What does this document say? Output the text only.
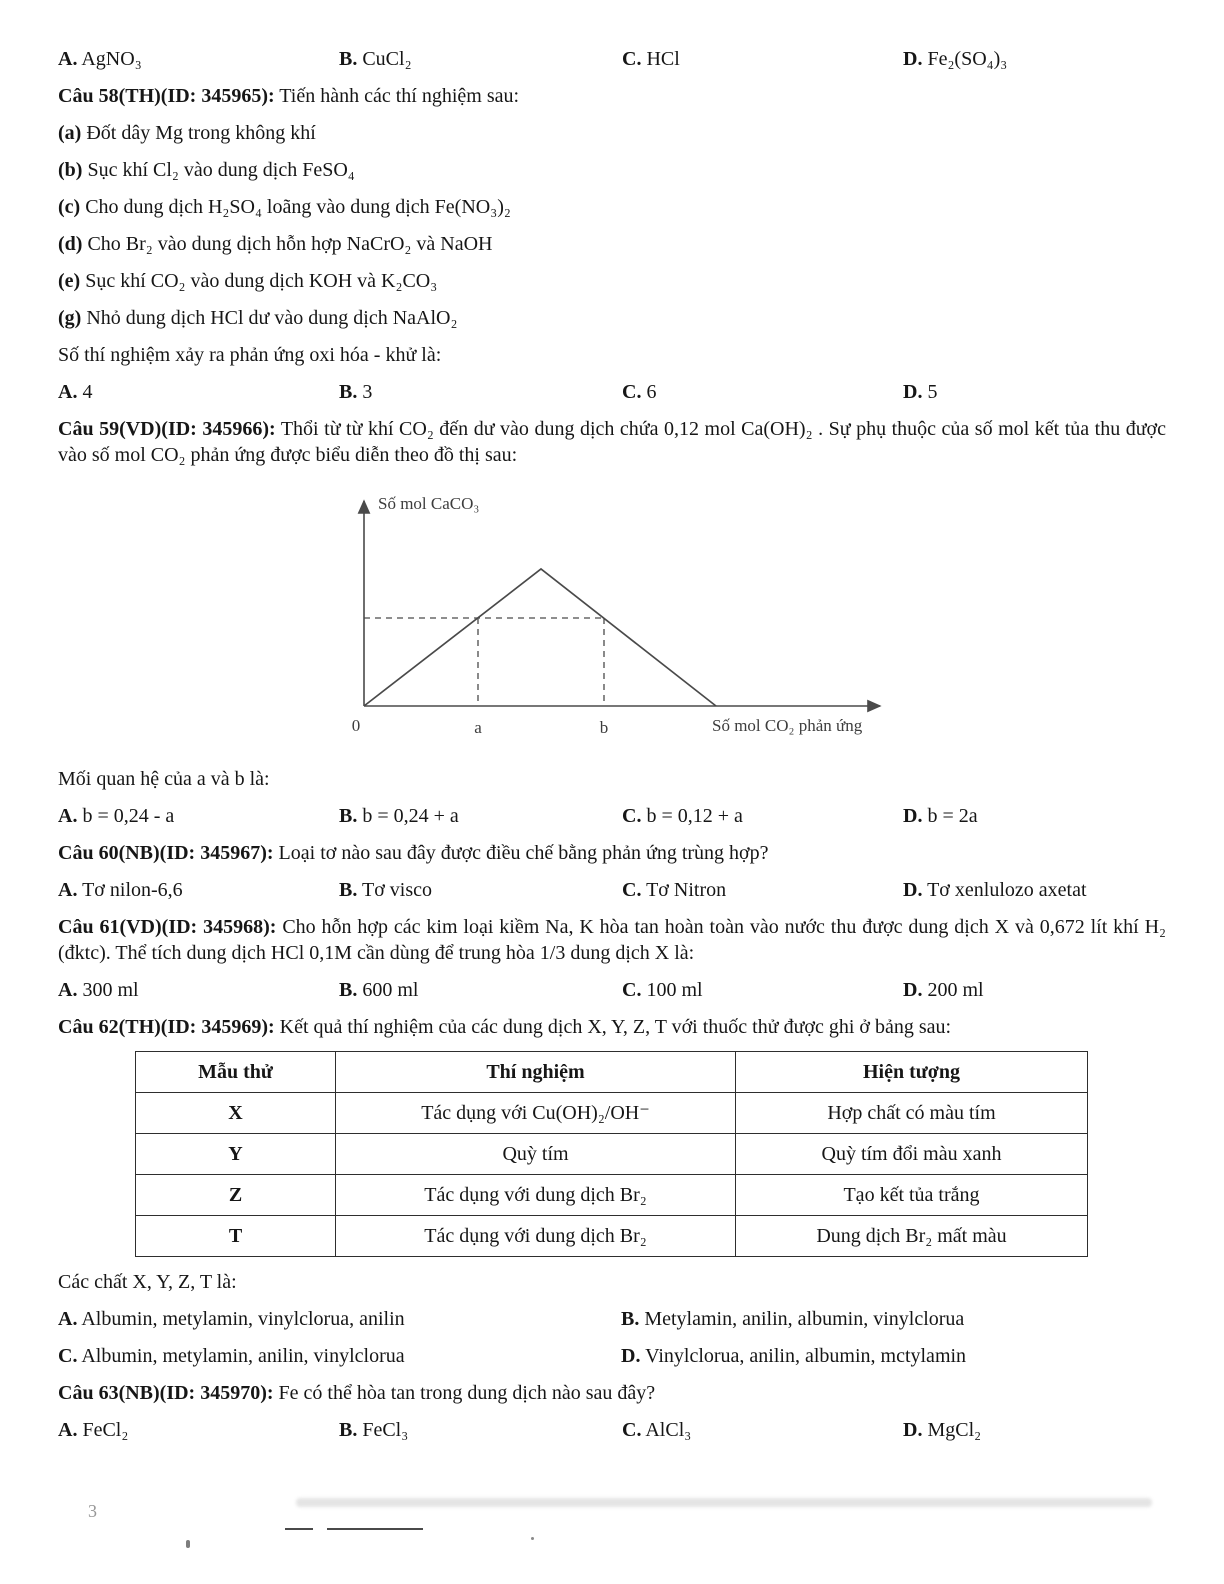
A. AgNO₃	B. CuCl₂	C. HCl	D. Fe₂(SO₄)₃

Câu 58(TH)(ID: 345965): Tiến hành các thí nghiệm sau:

(a) Đốt dây Mg trong không khí

(b) Sục khí Cl₂ vào dung dịch FeSO₄

(c) Cho dung dịch H₂SO₄ loãng vào dung dịch Fe(NO₃)₂

(d) Cho Br₂ vào dung dịch hỗn hợp NaCrO₂ và NaOH

(e) Sục khí CO₂ vào dung dịch KOH và K₂CO₃

(g) Nhỏ dung dịch HCl dư vào dung dịch NaAlO₂

Số thí nghiệm xảy ra phản ứng oxi hóa - khử là:

A. 4	B. 3	C. 6	D. 5

Câu 59(VD)(ID: 345966): Thổi từ từ khí CO₂ đến dư vào dung dịch chứa 0,12 mol Ca(OH)₂ . Sự phụ thuộc của số mol kết tủa thu được vào số mol CO₂ phản ứng được biểu diễn theo đồ thị sau:

Số mol CaCO₃
0	a	b	Số mol CO₂ phản ứng

Mối quan hệ của a và b là:

A. b = 0,24 - a	B. b = 0,24 + a	C. b = 0,12 + a	D. b = 2a

Câu 60(NB)(ID: 345967): Loại tơ nào sau đây được điều chế bằng phản ứng trùng hợp?

A. Tơ nilon-6,6	B. Tơ visco	C. Tơ Nitron	D. Tơ xenlulozo axetat

Câu 61(VD)(ID: 345968): Cho hỗn hợp các kim loại kiềm Na, K hòa tan hoàn toàn vào nước thu được dung dịch X và 0,672 lít khí H₂ (đktc). Thể tích dung dịch HCl 0,1M cần dùng để trung hòa 1/3 dung dịch X là:

A. 300 ml	B. 600 ml	C. 100 ml	D. 200 ml

Câu 62(TH)(ID: 345969): Kết quả thí nghiệm của các dung dịch X, Y, Z, T với thuốc thử được ghi ở bảng sau:

Mẫu thử	Thí nghiệm	Hiện tượng
X	Tác dụng với Cu(OH)₂/OH⁻	Hợp chất có màu tím
Y	Quỳ tím	Quỳ tím đổi màu xanh
Z	Tác dụng với dung dịch Br₂	Tạo kết tủa trắng
T	Tác dụng với dung dịch Br₂	Dung dịch Br₂ mất màu

Các chất X, Y, Z, T là:

A. Albumin, metylamin, vinylclorua, anilin	B. Metylamin, anilin, albumin, vinylclorua
C. Albumin, metylamin, anilin, vinylclorua	D. Vinylclorua, anilin, albumin, mctylamin

Câu 63(NB)(ID: 345970): Fe có thể hòa tan trong dung dịch nào sau đây?

A. FeCl₂	B. FeCl₃	C. AlCl₃	D. MgCl₂
3
